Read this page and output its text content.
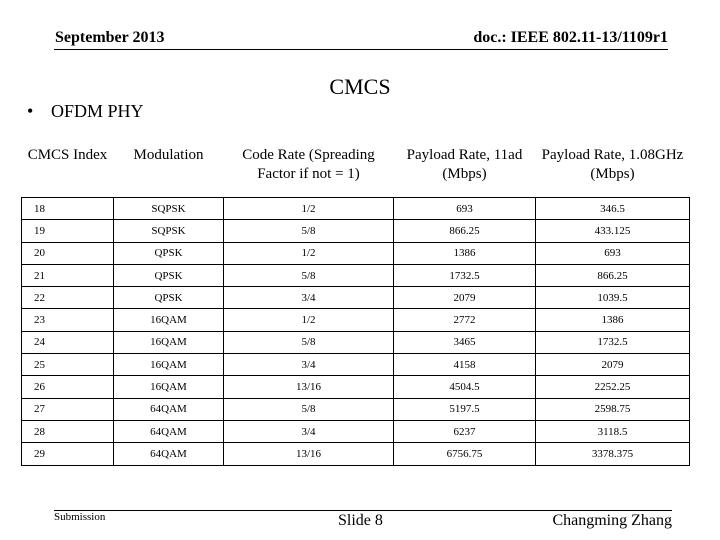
September 2013	doc.: IEEE 802.11-13/1109r1
CMCS
• OFDM PHY
CMCS Index	Modulation	Code Rate (Spreading Factor if not = 1)	Payload Rate, 11ad (Mbps)	Payload Rate, 1.08GHz (Mbps)
18	SQPSK	1/2	693	346.5
19	SQPSK	5/8	866.25	433.125
20	QPSK	1/2	1386	693
21	QPSK	5/8	1732.5	866.25
22	QPSK	3/4	2079	1039.5
23	16QAM	1/2	2772	1386
24	16QAM	5/8	3465	1732.5
25	16QAM	3/4	4158	2079
26	16QAM	13/16	4504.5	2252.25
27	64QAM	5/8	5197.5	2598.75
28	64QAM	3/4	6237	3118.5
29	64QAM	13/16	6756.75	3378.375
Submission	Slide 8	Changming Zhang
